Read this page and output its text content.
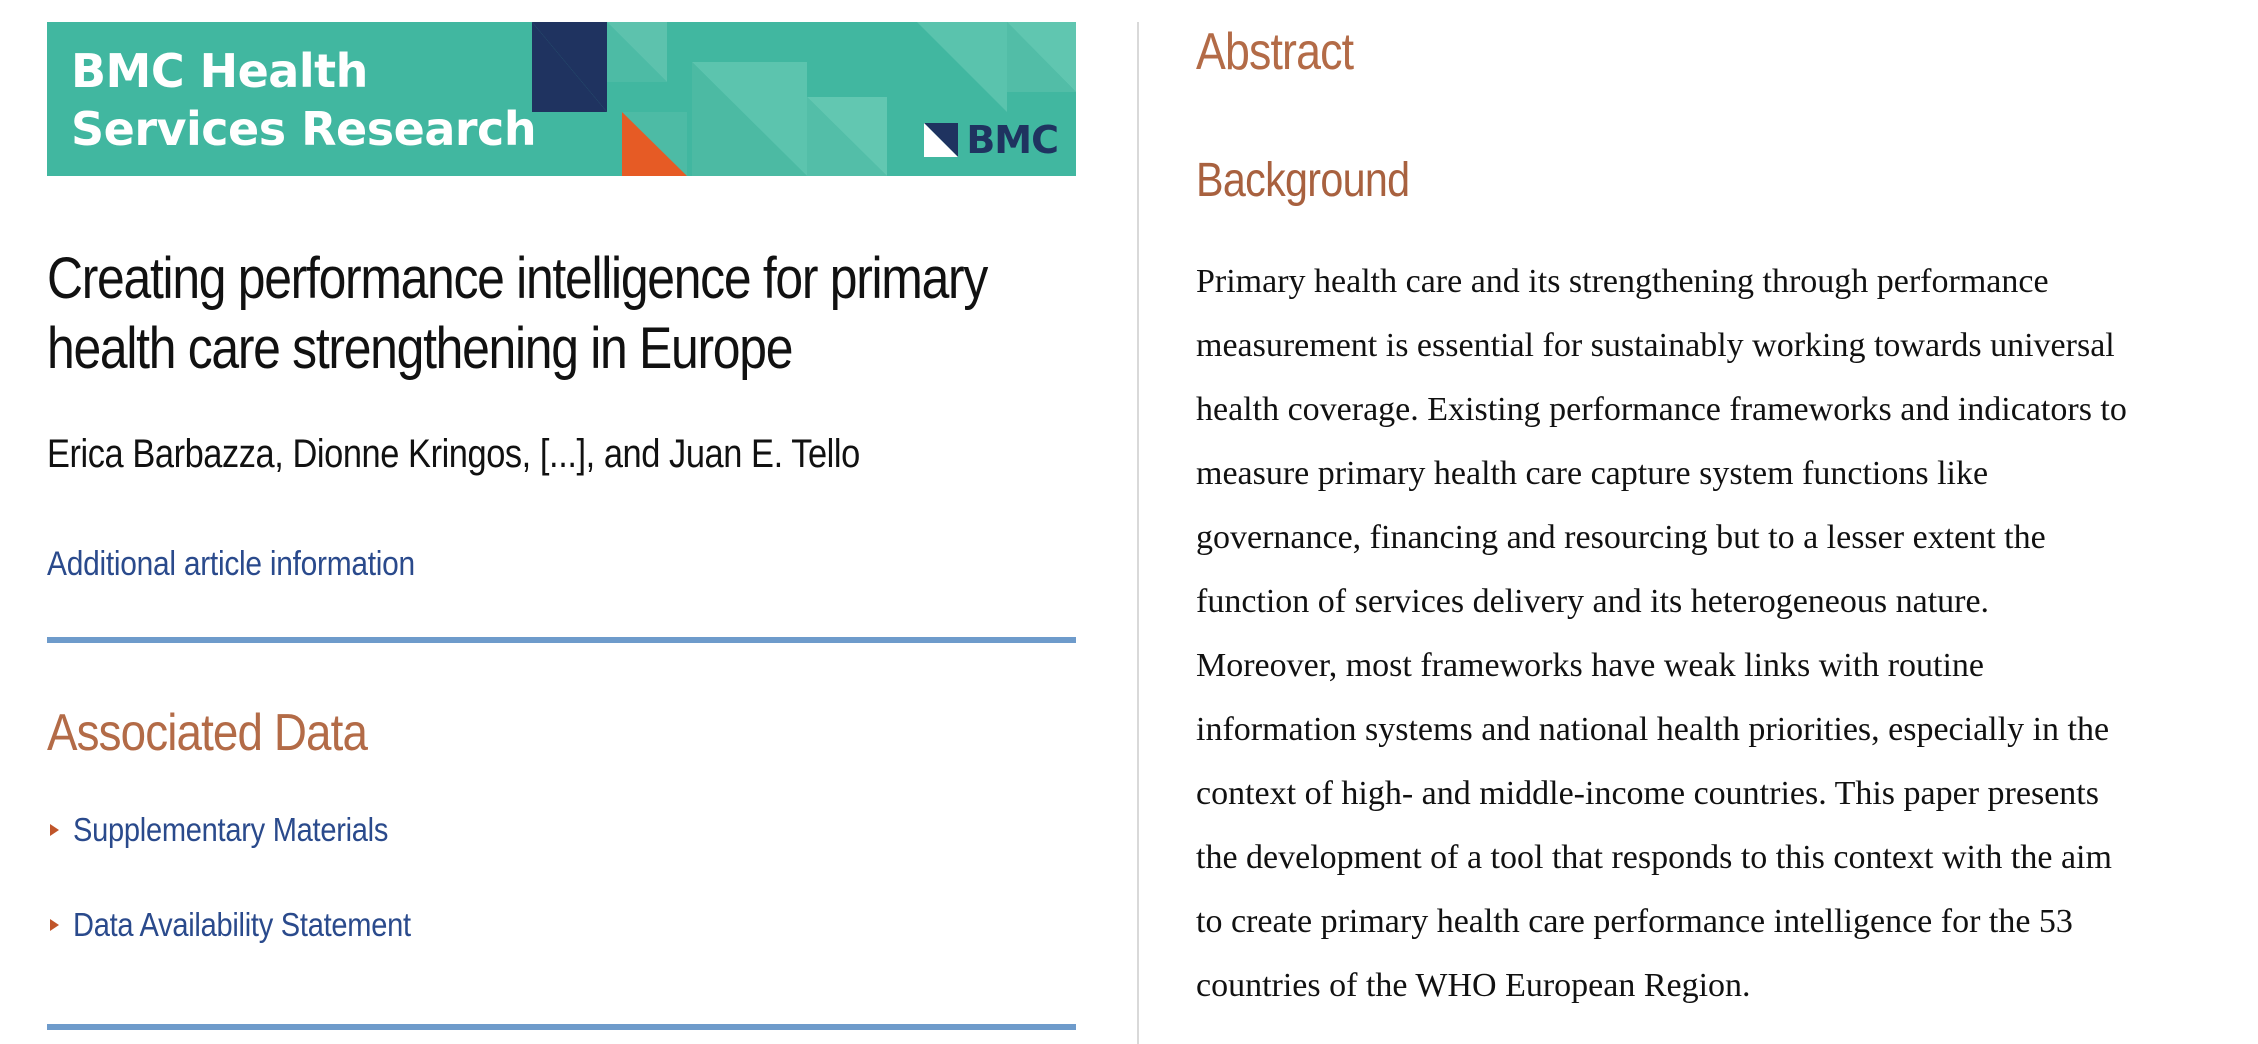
BMC Health
Services Research	BMC
Creating performance intelligence for primary health care strengthening in Europe

Erica Barbazza, Dionne Kringos, [...], and Juan E. Tello

Additional article information
Associated Data
Supplementary Materials
Data Availability Statement
Abstract
Background
Primary health care and its strengthening through performance
measurement is essential for sustainably working towards universal
health coverage. Existing performance frameworks and indicators to
measure primary health care capture system functions like
governance, financing and resourcing but to a lesser extent the
function of services delivery and its heterogeneous nature.
Moreover, most frameworks have weak links with routine
information systems and national health priorities, especially in the
context of high- and middle-income countries. This paper presents
the development of a tool that responds to this context with the aim
to create primary health care performance intelligence for the 53
countries of the WHO European Region.
